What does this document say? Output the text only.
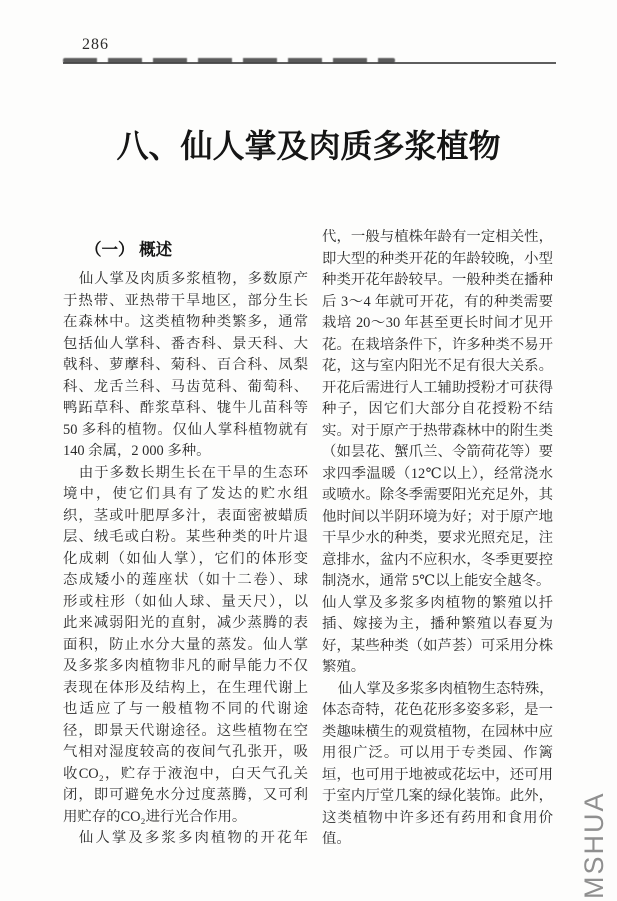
286
八、仙人掌及肉质多浆植物
（一） 概述
仙人掌及肉质多浆植物，多数原产
于热带、亚热带干旱地区，部分生长
在森林中。这类植物种类繁多，通常
包括仙人掌科、番杏科、景天科、大
戟科、萝藦科、菊科、百合科、凤梨
科、龙舌兰科、马齿苋科、葡萄科、
鸭跖草科、酢浆草科、牻牛儿苗科等
50 多科的植物。仅仙人掌科植物就有
140 余属，2 000 多种。
由于多数长期生长在干旱的生态环
境中，使它们具有了发达的贮水组
织，茎或叶肥厚多汁，表面密被蜡质
层、绒毛或白粉。某些种类的叶片退
化成刺（如仙人掌），它们的体形变
态成矮小的莲座状（如十二卷）、球
形或柱形（如仙人球、量天尺），以
此来减弱阳光的直射，减少蒸腾的表
面积，防止水分大量的蒸发。仙人掌
及多浆多肉植物非凡的耐旱能力不仅
表现在体形及结构上，在生理代谢上
也适应了与一般植物不同的代谢途
径，即景天代谢途径。这些植物在空
气相对湿度较高的夜间气孔张开，吸
收CO₂，贮存于液泡中，白天气孔关
闭，即可避免水分过度蒸腾，又可利
用贮存的CO₂进行光合作用。
仙人掌及多浆多肉植物的开花年
代，一般与植株年龄有一定相关性，
即大型的种类开花的年龄较晚，小型
种类开花年龄较早。一般种类在播种
后 3～4 年就可开花，有的种类需要
栽培 20～30 年甚至更长时间才见开
花。在栽培条件下，许多种类不易开
花，这与室内阳光不足有很大关系。
开花后需进行人工辅助授粉才可获得
种子，因它们大部分自花授粉不结
实。对于原产于热带森林中的附生类
（如昙花、蟹爪兰、令箭荷花等）要
求四季温暖（12℃以上），经常浇水
或喷水。除冬季需要阳光充足外，其
他时间以半阴环境为好；对于原产地
干旱少水的种类，要求光照充足，注
意排水，盆内不应积水，冬季更要控
制浇水，通常 5℃以上能安全越冬。
仙人掌及多浆多肉植物的繁殖以扦
插、嫁接为主，播种繁殖以春夏为
好，某些种类（如芦荟）可采用分株
繁殖。
仙人掌及多浆多肉植物生态特殊，
体态奇特，花色花形多姿多彩，是一
类趣味横生的观赏植物，在园林中应
用很广泛。可以用于专类园、作篱
垣，也可用于地被或花坛中，还可用
于室内厅堂几案的绿化装饰。此外，
这类植物中许多还有药用和食用价
值。	MSHUA
